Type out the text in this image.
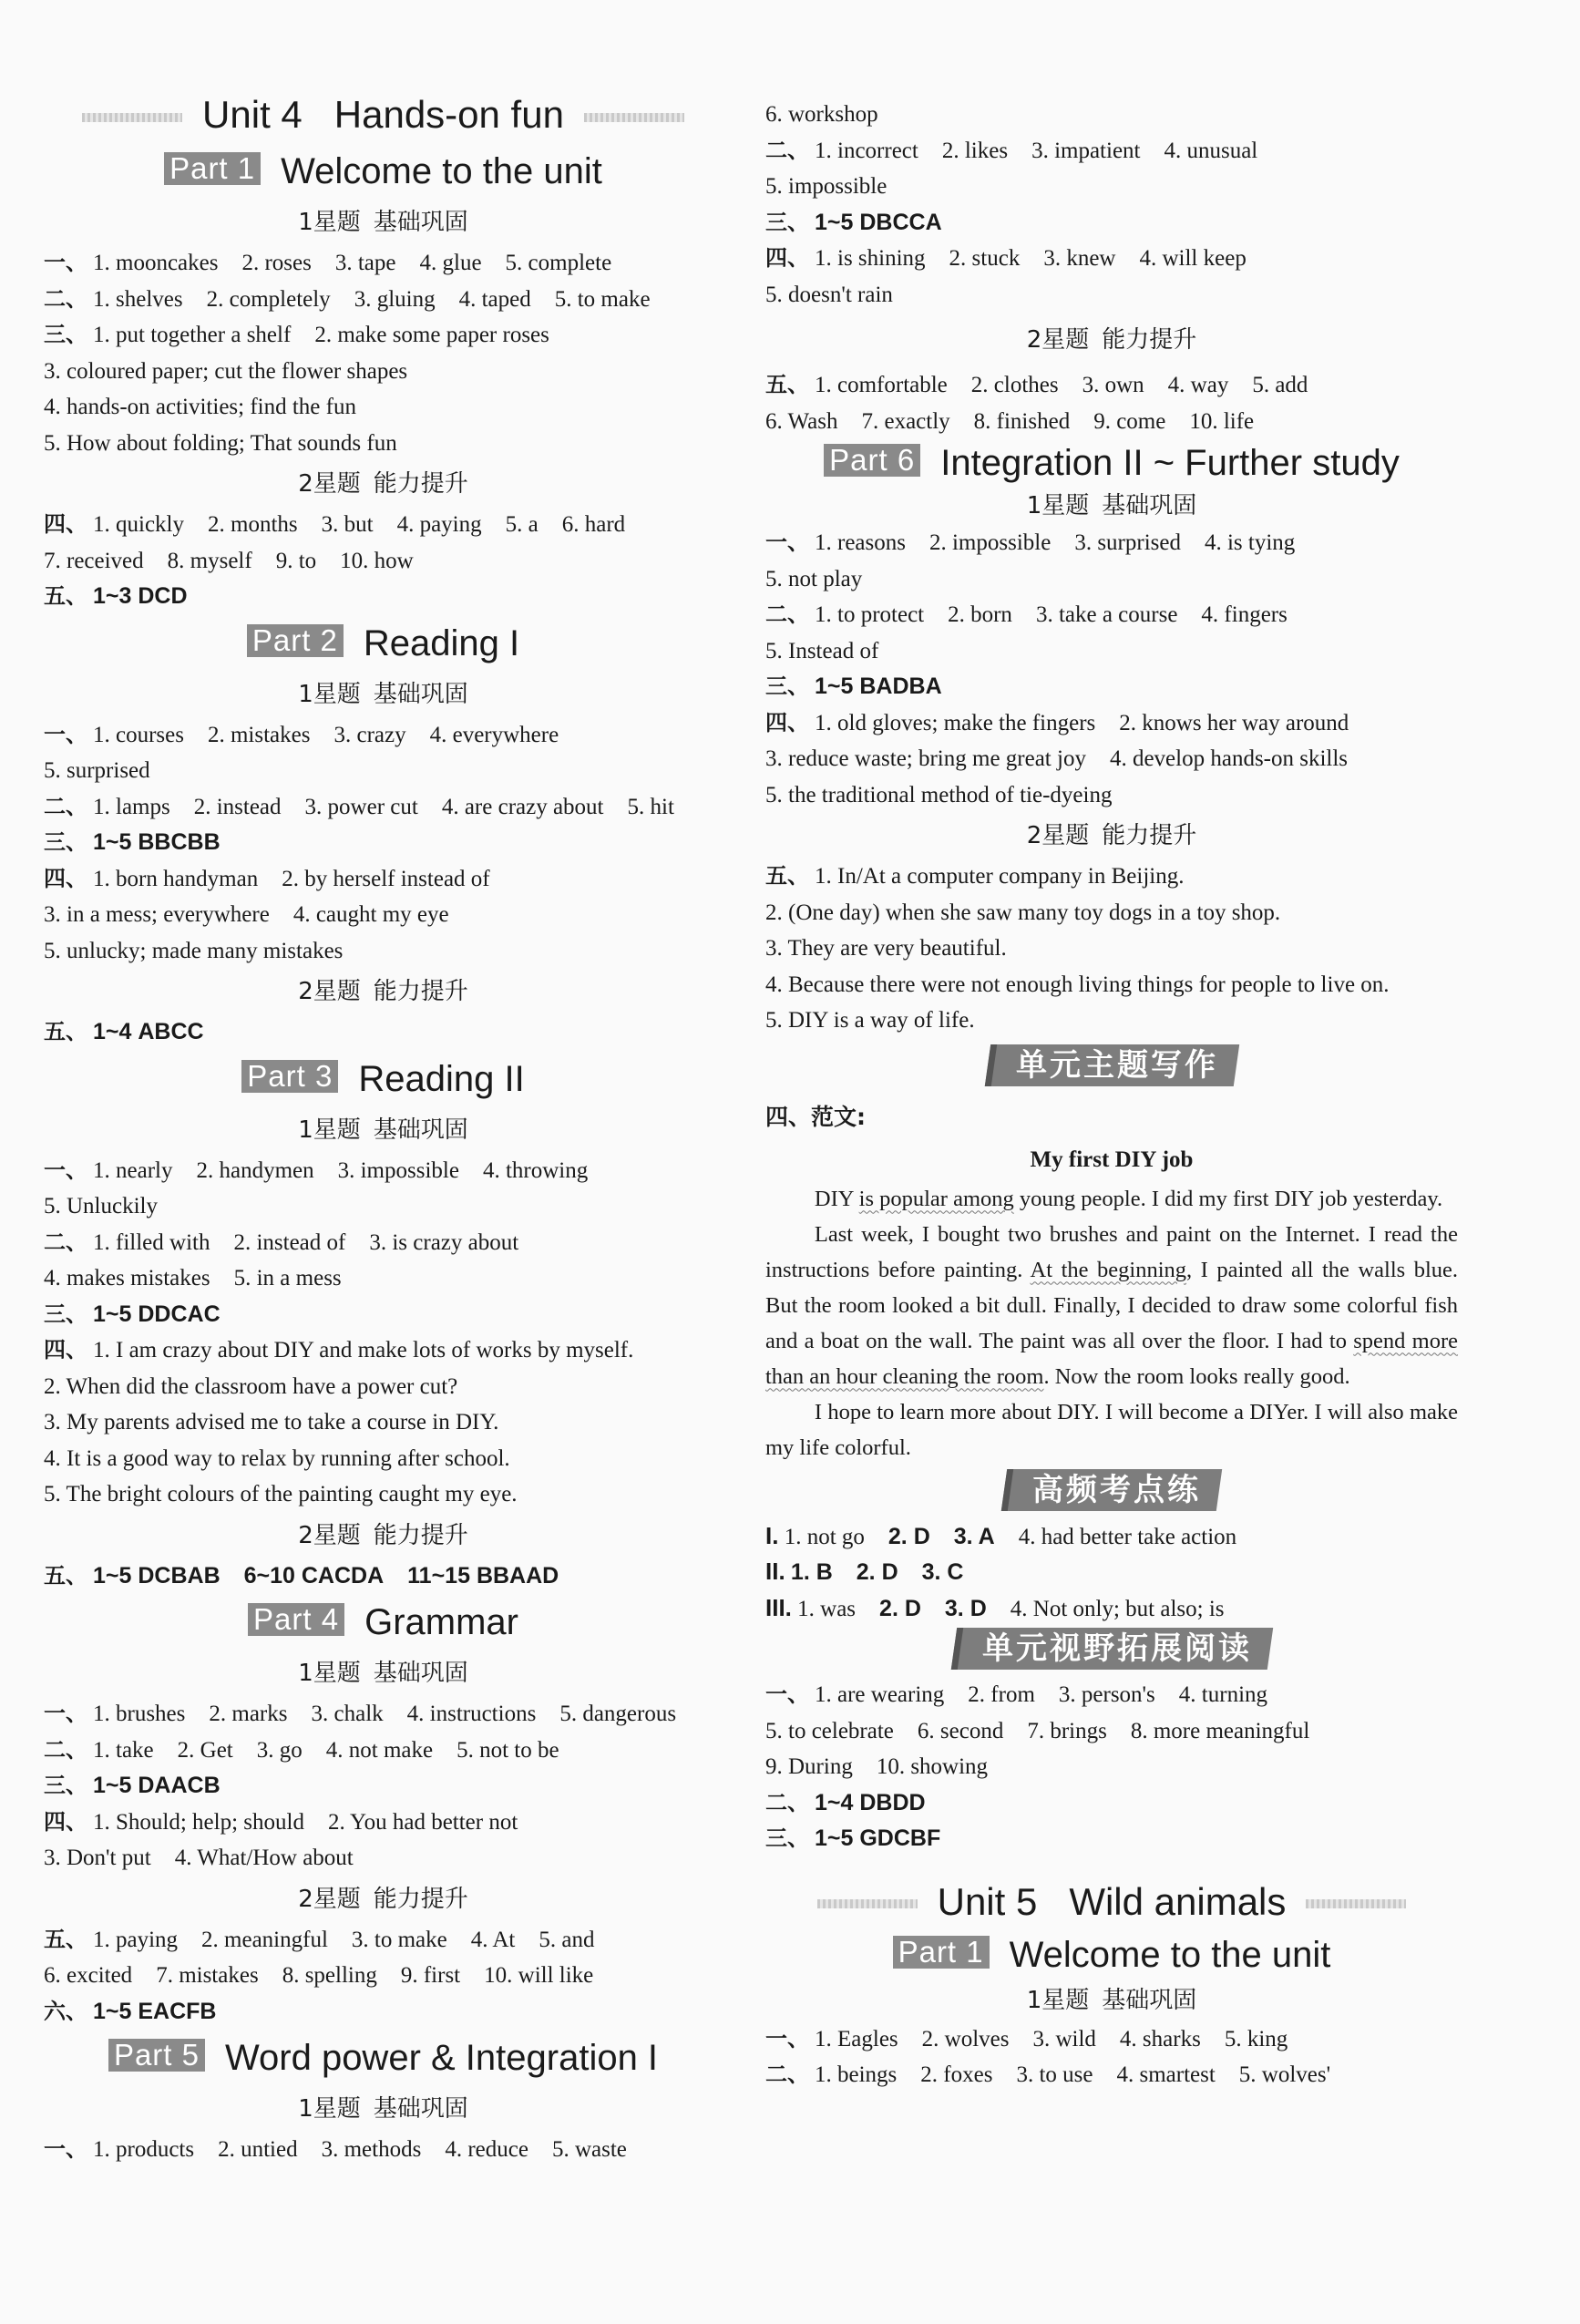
Unit 4   Hands-on fun
Part 1 Welcome to the unit
1星题 基础巩固
一、 1. mooncakes 2. roses 3. tape 4. glue 5. complete
二、 1. shelves 2. completely 3. gluing 4. taped 5. to make
三、 1. put together a shelf 2. make some paper roses
3. coloured paper; cut the flower shapes
4. hands-on activities; find the fun
5. How about folding; That sounds fun
2星题 能力提升
四、 1. quickly 2. months 3. but 4. paying 5. a 6. hard
7. received 8. myself 9. to 10. how
五、 1~3 DCD
Part 2 Reading I
1星题 基础巩固
一、 1. courses 2. mistakes 3. crazy 4. everywhere
5. surprised
二、 1. lamps 2. instead 3. power cut 4. are crazy about 5. hit
三、 1~5 BBCBB
四、 1. born handyman 2. by herself instead of
3. in a mess; everywhere 4. caught my eye
5. unlucky; made many mistakes
2星题 能力提升
五、 1~4 ABCC
Part 3 Reading II
1星题 基础巩固
一、 1. nearly 2. handymen 3. impossible 4. throwing
5. Unluckily
二、 1. filled with 2. instead of 3. is crazy about
4. makes mistakes 5. in a mess
三、 1~5 DDCAC
四、 1. I am crazy about DIY and make lots of works by myself.
2. When did the classroom have a power cut?
3. My parents advised me to take a course in DIY.
4. It is a good way to relax by running after school.
5. The bright colours of the painting caught my eye.
2星题 能力提升
五、 1~5 DCBAB 6~10 CACDA 11~15 BBAAD
Part 4 Grammar
1星题 基础巩固
一、 1. brushes 2. marks 3. chalk 4. instructions 5. dangerous
二、 1. take 2. Get 3. go 4. not make 5. not to be
三、 1~5 DAACB
四、 1. Should; help; should 2. You had better not
3. Don't put 4. What/How about
2星题 能力提升
五、 1. paying 2. meaningful 3. to make 4. At 5. and
6. excited 7. mistakes 8. spelling 9. first 10. will like
六、 1~5 EACFB
Part 5 Word power & Integration I
1星题 基础巩固
一、 1. products 2. untied 3. methods 4. reduce 5. waste
6. workshop
二、 1. incorrect 2. likes 3. impatient 4. unusual
5. impossible
三、 1~5 DBCCA
四、 1. is shining 2. stuck 3. knew 4. will keep
5. doesn't rain
2星题 能力提升
五、 1. comfortable 2. clothes 3. own 4. way 5. add
6. Wash 7. exactly 8. finished 9. come 10. life
Part 6 Integration II ~ Further study
1星题 基础巩固
一、 1. reasons 2. impossible 3. surprised 4. is tying
5. not play
二、 1. to protect 2. born 3. take a course 4. fingers
5. Instead of
三、 1~5 BADBA
四、 1. old gloves; make the fingers 2. knows her way around
3. reduce waste; bring me great joy 4. develop hands-on skills
5. the traditional method of tie-dyeing
2星题 能力提升
五、 1. In/At a computer company in Beijing.
2. (One day) when she saw many toy dogs in a toy shop.
3. They are very beautiful.
4. Because there were not enough living things for people to live on.
5. DIY is a way of life.
单元主题写作
四、范文:
My first DIY job

DIY is popular among young people. I did my first DIY job yesterday.

Last week, I bought two brushes and paint on the Internet. I read the instructions before painting. At the beginning, I painted all the walls blue. But the room looked a bit dull. Finally, I decided to draw some colorful fish and a boat on the wall. The paint was all over the floor. I had to spend more than an hour cleaning the room. Now the room looks really good.

I hope to learn more about DIY. I will become a DIYer. I will also make my life colorful.

高频考点练
I. 1. not go 2. D 3. A 4. had better take action
II. 1. B 2. D 3. C
III. 1. was 2. D 3. D 4. Not only; but also; is
单元视野拓展阅读
一、 1. are wearing 2. from 3. person's 4. turning
5. to celebrate 6. second 7. brings 8. more meaningful
9. During 10. showing
二、 1~4 DBDD
三、 1~5 GDCBF
Unit 5   Wild animals
Part 1 Welcome to the unit
1星题 基础巩固
一、 1. Eagles 2. wolves 3. wild 4. sharks 5. king
二、 1. beings 2. foxes 3. to use 4. smartest 5. wolves'
